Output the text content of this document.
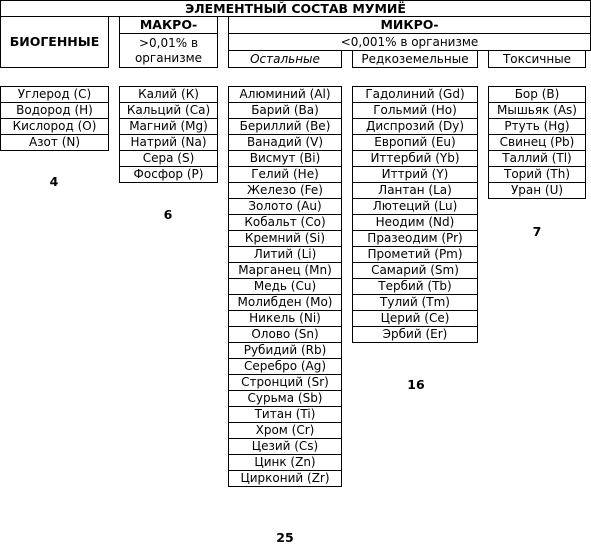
ЭЛЕМЕНТНЫЙ СОСТАВ МУМИЁ
БИОГЕННЫЕ
МАКРО-
>0,01% в организме
МИКРО-
<0,001% в организме
Остальные	Редкоземельные	Токсичные
Углерод (С)
Водород (Н)
Кислород (О)
Азот (N)
Калий (К)
Кальций (Са)
Магний (Mg)
Натрий (Na)
Сера (S)
Фосфор (Р)
Алюминий (Al)
Барий (Ba)
Бериллий (Be)
Ванадий (V)
Висмут (Bi)
Гелий (He)
Железо (Fe)
Золото (Au)
Кобальт (Co)
Кремний (Si)
Литий (Li)
Марганец (Mn)
Медь (Cu)
Молибден (Mo)
Никель (Ni)
Олово (Sn)
Рубидий (Rb)
Серебро (Ag)
Стронций (Sr)
Сурьма (Sb)
Титан (Ti)
Хром (Cr)
Цезий (Cs)
Цинк (Zn)
Цирконий (Zr)
Гадолиний (Gd)
Гольмий (Ho)
Диспрозий (Dy)
Европий (Eu)
Иттербий (Yb)
Иттрий (Y)
Лантан (La)
Лютеций (Lu)
Неодим (Nd)
Празеодим (Pr)
Прометий (Pm)
Самарий (Sm)
Тербий (Tb)
Тулий (Tm)
Церий (Ce)
Эрбий (Er)
Бор (B)
Мышьяк (As)
Ртуть (Hg)
Свинец (Pb)
Таллий (Tl)
Торий (Th)
Уран (U)
4
6
25
16
7
